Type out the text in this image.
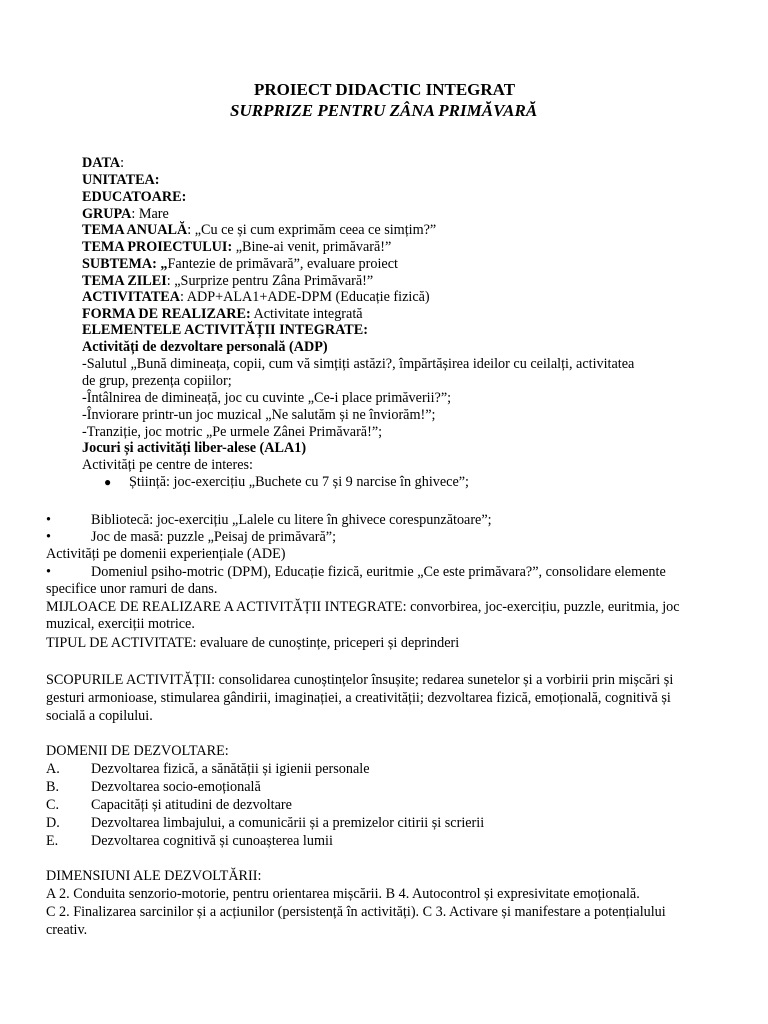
PROIECT DIDACTIC INTEGRAT
SURPRIZE PENTRU ZÂNA PRIMĂVARĂ
DATA:
UNITATEA:
EDUCATOARE:
GRUPA: Mare
TEMA ANUALĂ: „Cu ce și cum exprimăm ceea ce simțim?”
TEMA PROIECTULUI: „Bine-ai venit, primăvară!”
SUBTEMA: „Fantezie de primăvară”, evaluare proiect
TEMA ZILEI: „Surprize pentru Zâna Primăvară!”
ACTIVITATEA: ADP+ALA1+ADE-DPM (Educație fizică)
FORMA DE REALIZARE: Activitate integrată
ELEMENTELE ACTIVITĂȚII INTEGRATE:
Activități de dezvoltare personală (ADP)
-Salutul „Bună dimineața, copii, cum vă simțiți astăzi?, împărtășirea ideilor cu ceilalți, activitatea
de grup, prezența copiilor;
-Întâlnirea de dimineață, joc cu cuvinte „Ce-i place primăverii?”;
-Înviorare printr-un joc muzical „Ne salutăm și ne înviorăm!”;
-Tranziție, joc motric „Pe urmele Zânei Primăvară!”;
Jocuri și activități liber-alese (ALA1)
Activități pe centre de interes:
● Știință: joc-exercițiu „Buchete cu 7 și 9 narcise în ghivece”;
•	Bibliotecă: joc-exercițiu „Lalele cu litere în ghivece corespunzătoare”;
•	Joc de masă: puzzle „Peisaj de primăvară”;
Activități pe domenii experiențiale (ADE)
•	Domeniul psiho-motric (DPM), Educație fizică, euritmie „Ce este primăvara?”, consolidare elemente
specifice unor ramuri de dans.
MIJLOACE DE REALIZARE A ACTIVITĂȚII INTEGRATE: convorbirea, joc-exercițiu, puzzle, euritmia, joc
muzical, exerciții motrice.
TIPUL DE ACTIVITATE: evaluare de cunoștințe, priceperi și deprinderi
SCOPURILE ACTIVITĂȚII: consolidarea cunoștințelor însușite; redarea sunetelor și a vorbirii prin mișcări și
gesturi armonioase, stimularea gândirii, imaginației, a creativității; dezvoltarea fizică, emoțională, cognitivă și
socială a copilului.
DOMENII DE DEZVOLTARE:
A. Dezvoltarea fizică, a sănătății și igienii personale
B. Dezvoltarea socio-emoțională
C. Capacități și atitudini de dezvoltare
D. Dezvoltarea limbajului, a comunicării și a premizelor citirii și scrierii
E. Dezvoltarea cognitivă și cunoașterea lumii
DIMENSIUNI ALE DEZVOLTĂRII:
A 2. Conduita senzorio-motorie, pentru orientarea mișcării. B 4. Autocontrol și expresivitate emoțională.
C 2. Finalizarea sarcinilor și a acțiunilor (persistență în activități). C 3. Activare și manifestare a potențialului
creativ.
